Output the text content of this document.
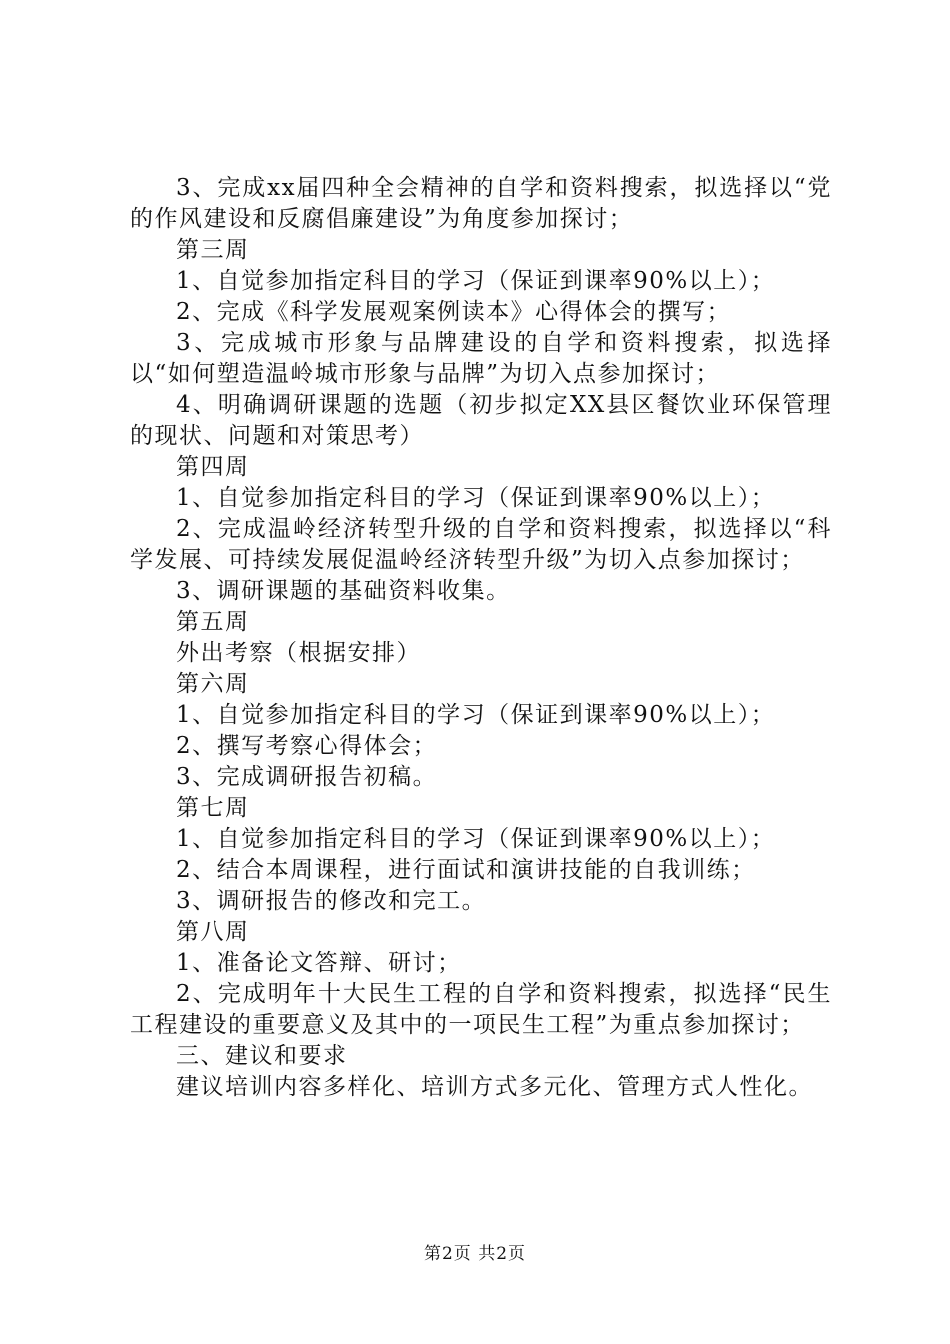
3、完成xx届四种全会精神的自学和资料搜索，拟选择以“党的作风建设和反腐倡廉建设”为角度参加探讨；

第三周

1、自觉参加指定科目的学习（保证到课率90%以上）；

2、完成《科学发展观案例读本》心得体会的撰写；

3、完成城市形象与品牌建设的自学和资料搜索，拟选择以“如何塑造温岭城市形象与品牌”为切入点参加探讨；

4、明确调研课题的选题（初步拟定XX县区餐饮业环保管理的现状、问题和对策思考）

第四周

1、自觉参加指定科目的学习（保证到课率90%以上）；

2、完成温岭经济转型升级的自学和资料搜索，拟选择以“科学发展、可持续发展促温岭经济转型升级”为切入点参加探讨；

3、调研课题的基础资料收集。

第五周

外出考察（根据安排）

第六周

1、自觉参加指定科目的学习（保证到课率90%以上）；

2、撰写考察心得体会；

3、完成调研报告初稿。

第七周

1、自觉参加指定科目的学习（保证到课率90%以上）；

2、结合本周课程，进行面试和演讲技能的自我训练；

3、调研报告的修改和完工。

第八周

1、准备论文答辩、研讨；

2、完成明年十大民生工程的自学和资料搜索，拟选择“民生工程建设的重要意义及其中的一项民生工程”为重点参加探讨；

三、建议和要求

建议培训内容多样化、培训方式多元化、管理方式人性化。

第2页 共2页
